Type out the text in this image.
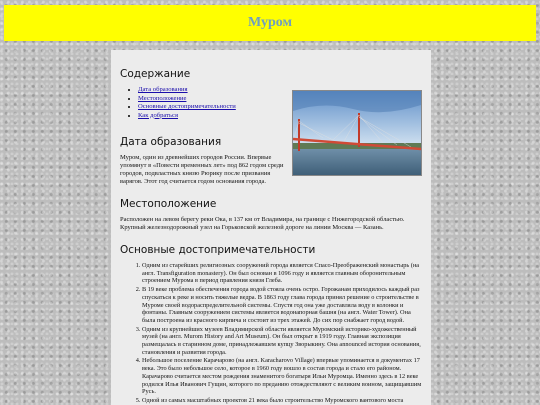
Муром
Содержание
• Дата образования
• Местоположение
• Основные достопримечательности
• Как добраться
Дата образования

Муром, один из древнейших городов России. Впервые упомянут в «Повести временных лет» под 862 годом среди городов, подвластных князю Рюрику после призвания варягов. Этот год считается годом основания города.

Местоположение

Расположен на левом берегу реки Ока, в 137 км от Владимира, на границе с Нижегородской областью. Крупный железнодорожный узел на Горьковской железной дороге на линии Москва — Казань.

Основные достопримечательности
1. Одним из старейших религиозных сооружений города является Спасо-Преображенский монастырь (на англ. Transfiguration monastery). Он был основан в 1096 году и является главным оборонительным строением Мурома в период правления князя Глеба.
2. В 19 веке проблема обеспечения города водой стояла очень остро. Горожанам приходилось каждый раз спускаться к реке и носить тяжелые ведра. В 1863 году глава города принял решение о строительстве в Муроме своей водораспределительной системы. Спустя год она уже доставляла воду в колонки и фонтаны. Главным сооружением системы является водонапорная башня (на англ. Water Tower). Она была построена из красного кирпича и состоит из трех этажей. До сих пор снабжает город водой.
3. Одним из крупнейших музеев Владимирской области является Муромский историко-художественный музей (на англ. Murom History and Art Museum). Он был открыт в 1919 году. Главная экспозиция размещалась в старинном доме, принадлежавшем купцу Зворыкину. Она announced история основания, становления и развития города.
4. Небольшое поселение Карачарово (на англ. Karacharovo Village) впервые упоминается в документах 17 века. Это было небольшое село, которое в 1960 году вошло в состав города и стало его районом. Карачарово считается местом рождения знаменитого богатыря Ильи Муромца. Именно здесь в 12 веке родился Илья Иванович Гущин, которого по преданию отождествляют с великим воином, защищавшим Русь.
5. Одной из самых масштабных проектов 21 века было строительство Муромского вантового моста
